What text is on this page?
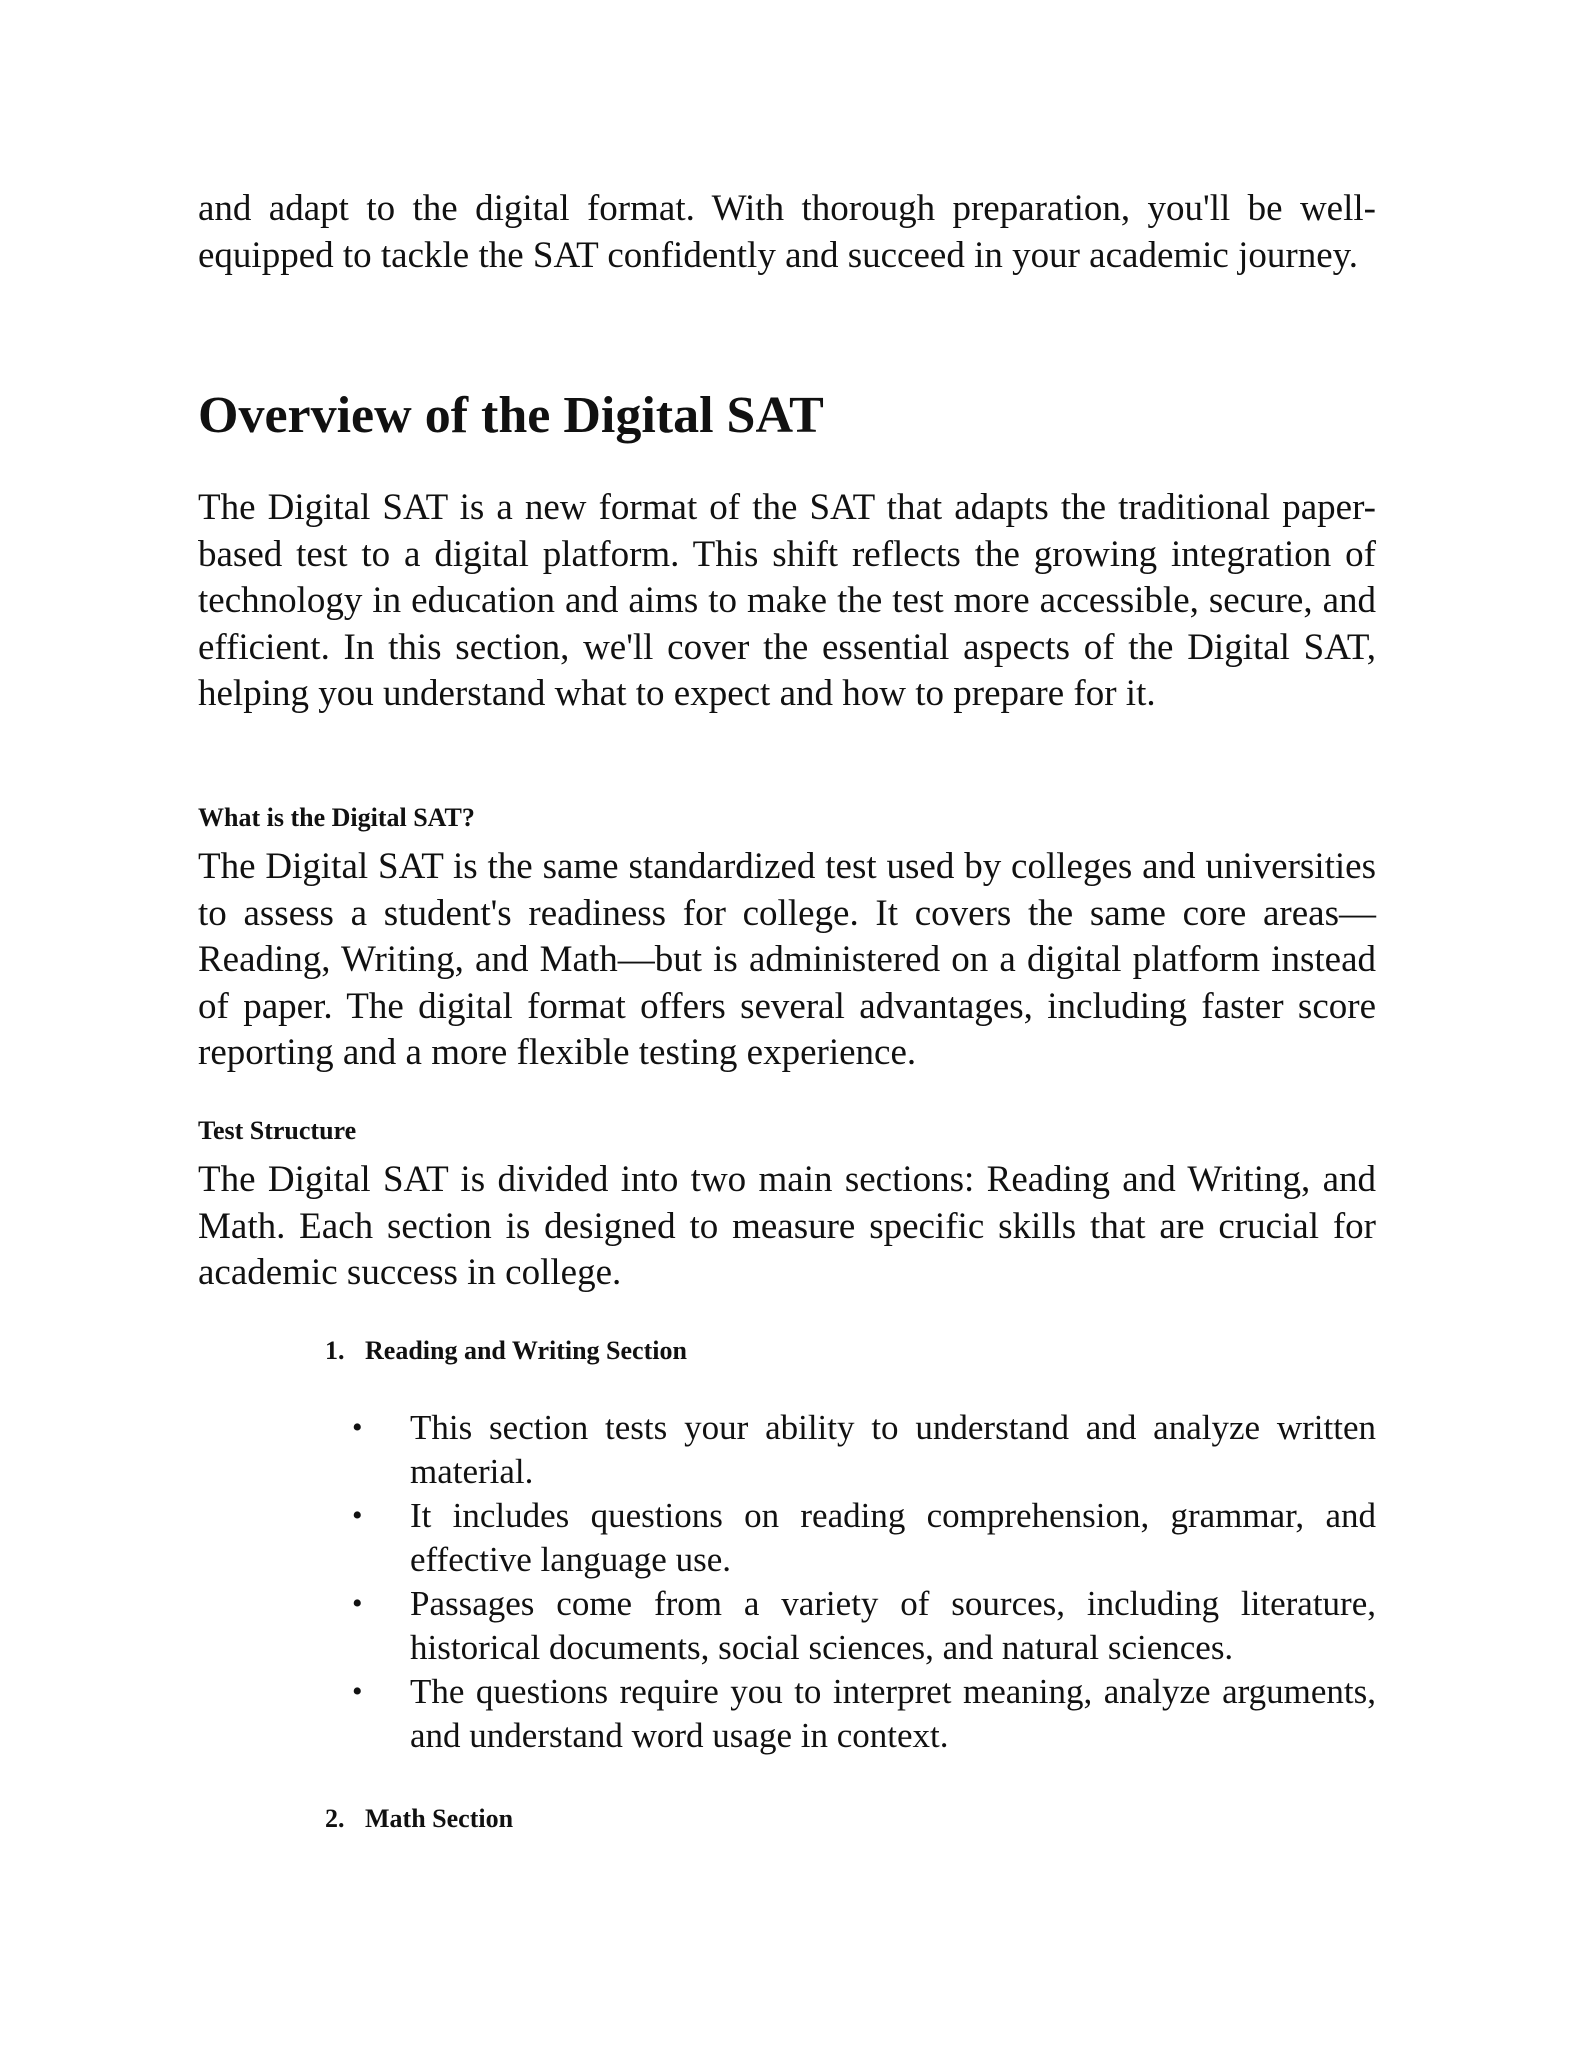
and adapt to the digital format. With thorough preparation, you'll be well-equipped to tackle the SAT confidently and succeed in your academic journey.

Overview of the Digital SAT

The Digital SAT is a new format of the SAT that adapts the traditional paper-based test to a digital platform. This shift reflects the growing integration of technology in education and aims to make the test more accessible, secure, and efficient. In this section, we'll cover the essential aspects of the Digital SAT, helping you understand what to expect and how to prepare for it.

What is the Digital SAT?

The Digital SAT is the same standardized test used by colleges and universities to assess a student's readiness for college. It covers the same core areas—Reading, Writing, and Math—but is administered on a digital platform instead of paper. The digital format offers several advantages, including faster score reporting and a more flexible testing experience.

Test Structure

The Digital SAT is divided into two main sections: Reading and Writing, and Math. Each section is designed to measure specific skills that are crucial for academic success in college.

1. Reading and Writing Section
• This section tests your ability to understand and analyze written material.
• It includes questions on reading comprehension, grammar, and effective language use.
• Passages come from a variety of sources, including literature, historical documents, social sciences, and natural sciences.
• The questions require you to interpret meaning, analyze arguments, and understand word usage in context.
2. Math Section
